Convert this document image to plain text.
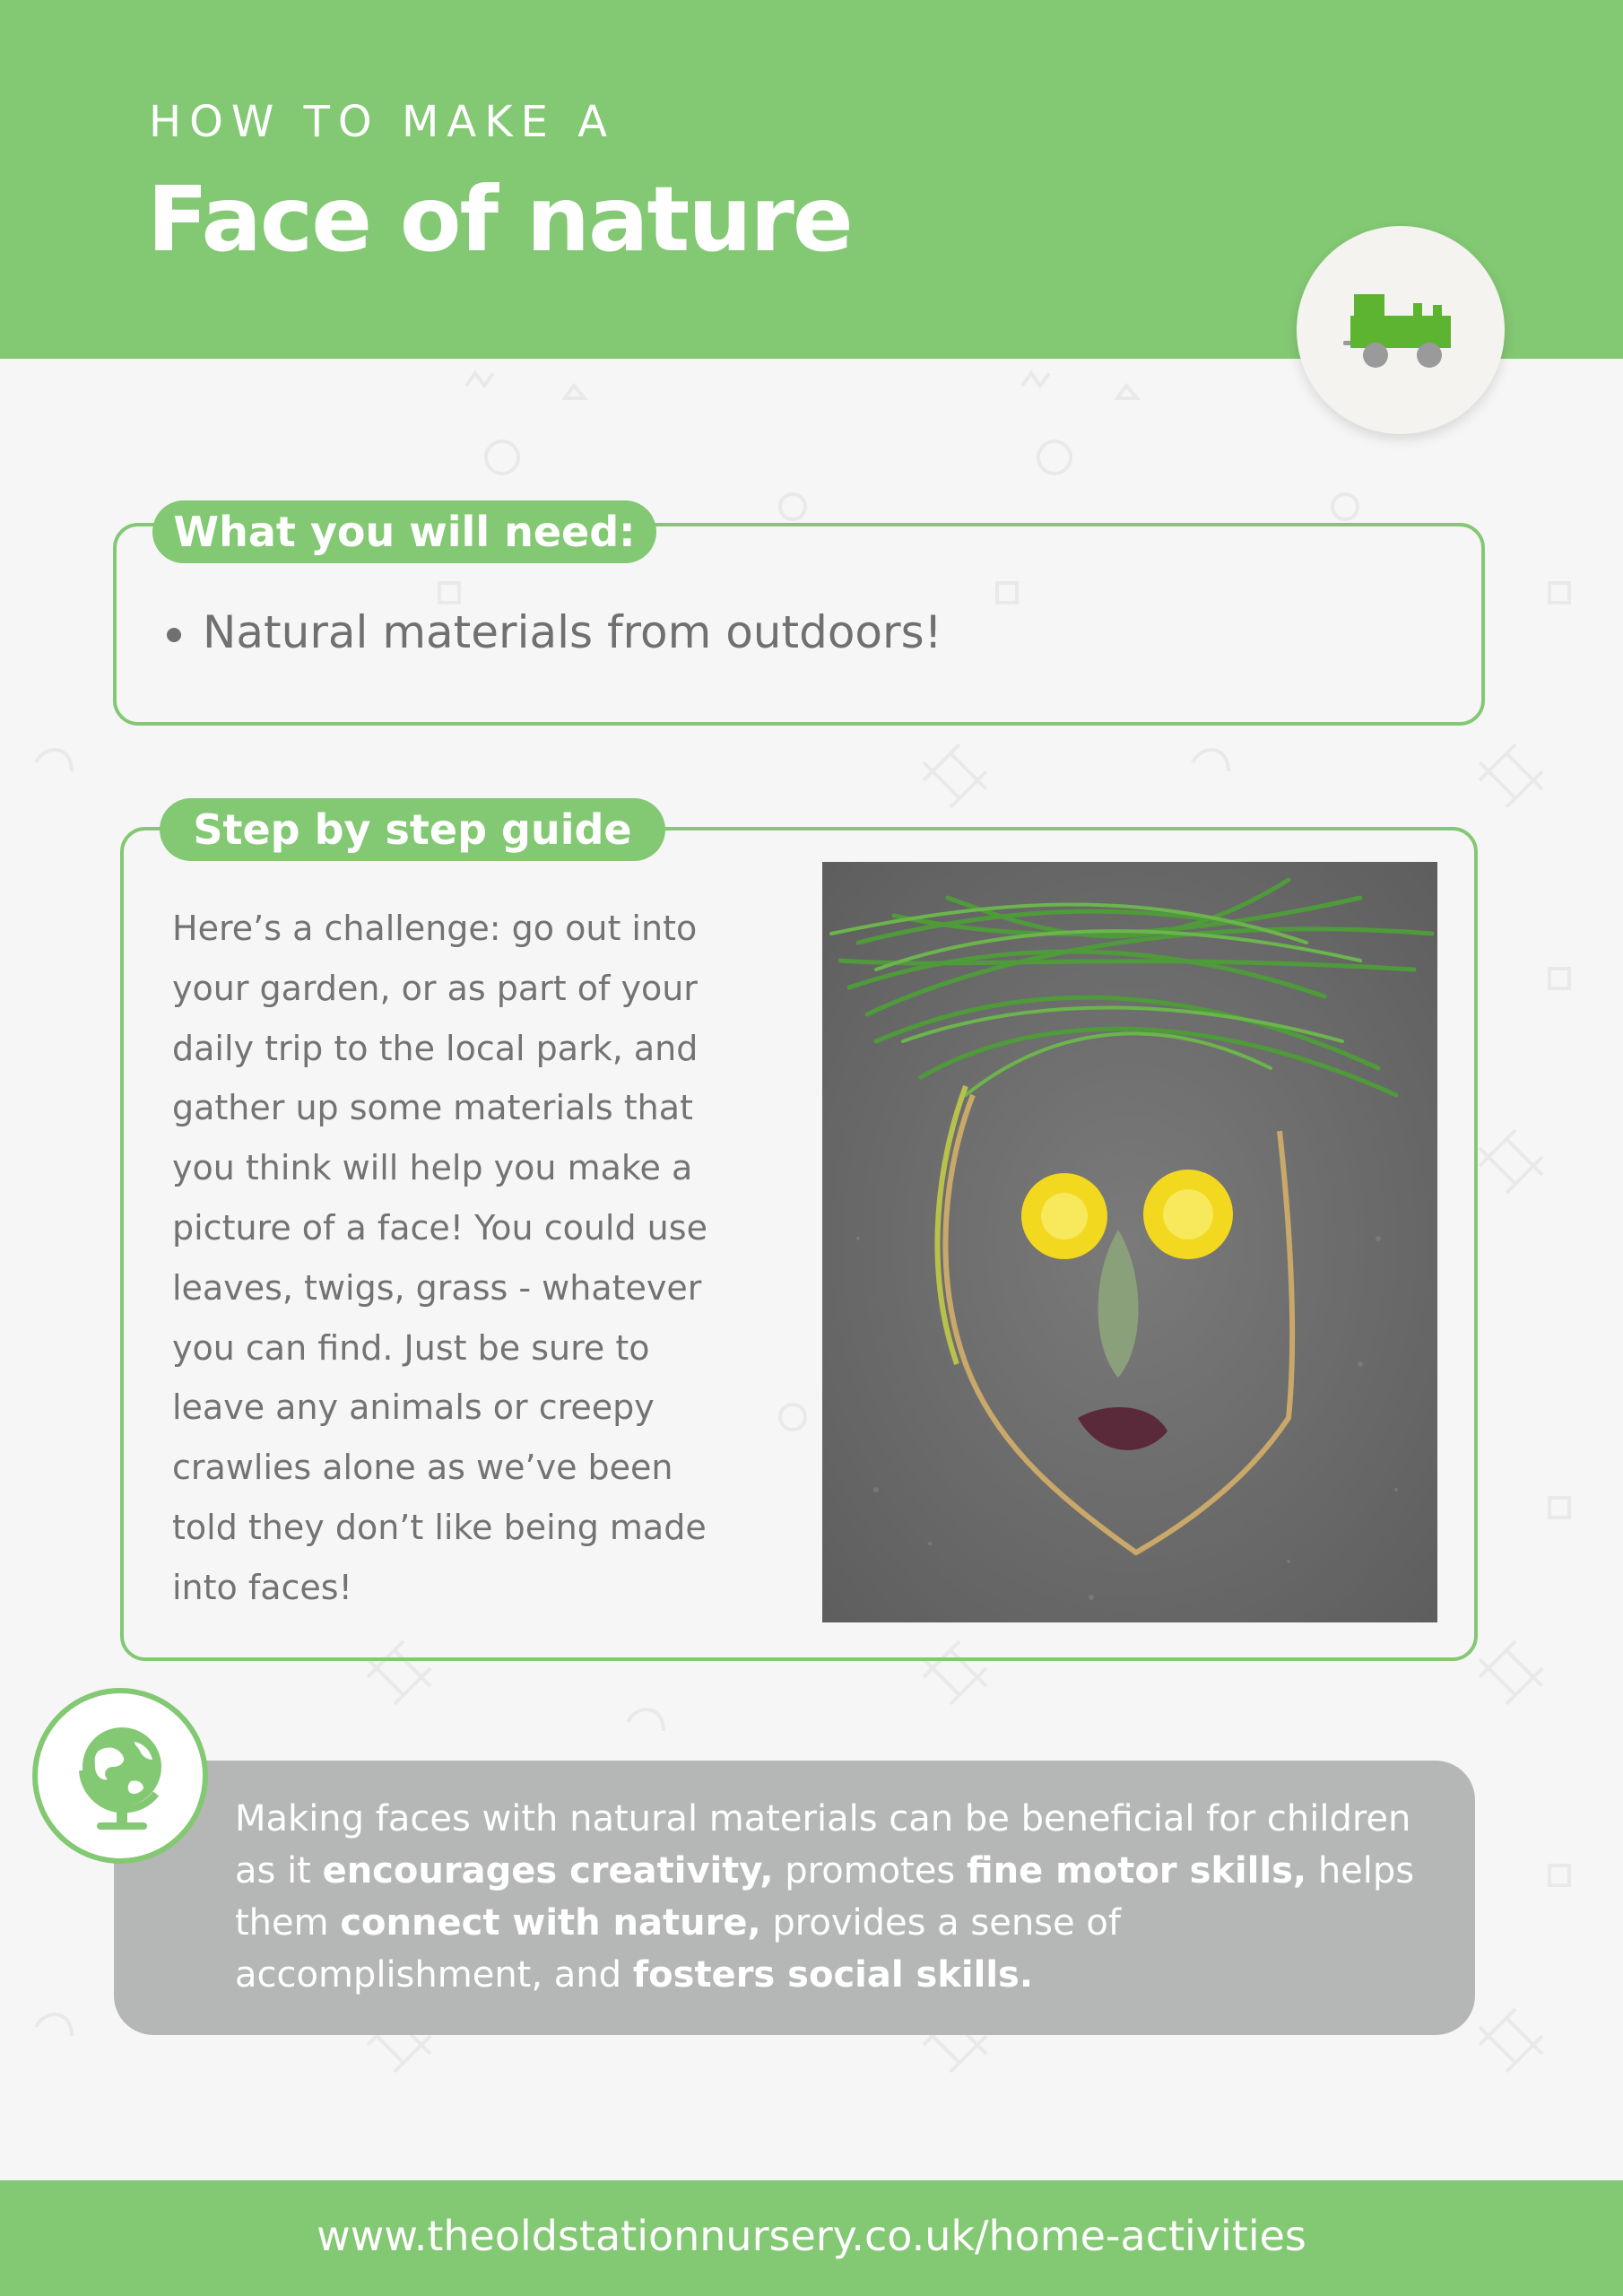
HOW TO MAKE A
Face of nature
What you will need:
Natural materials from outdoors!
Step by step guide
Here’s a challenge: go out into your garden, or as part of your daily trip to the local park, and gather up some materials that you think will help you make a picture of a face! You could use leaves, twigs, grass - whatever you can find. Just be sure to leave any animals or creepy crawlies alone as we’ve been told they don’t like being made into faces!
Making faces with natural materials can be beneficial for children as it encourages creativity, promotes fine motor skills, helps them connect with nature, provides a sense of accomplishment, and fosters social skills.
www.theoldstationnursery.co.uk/home-activities
